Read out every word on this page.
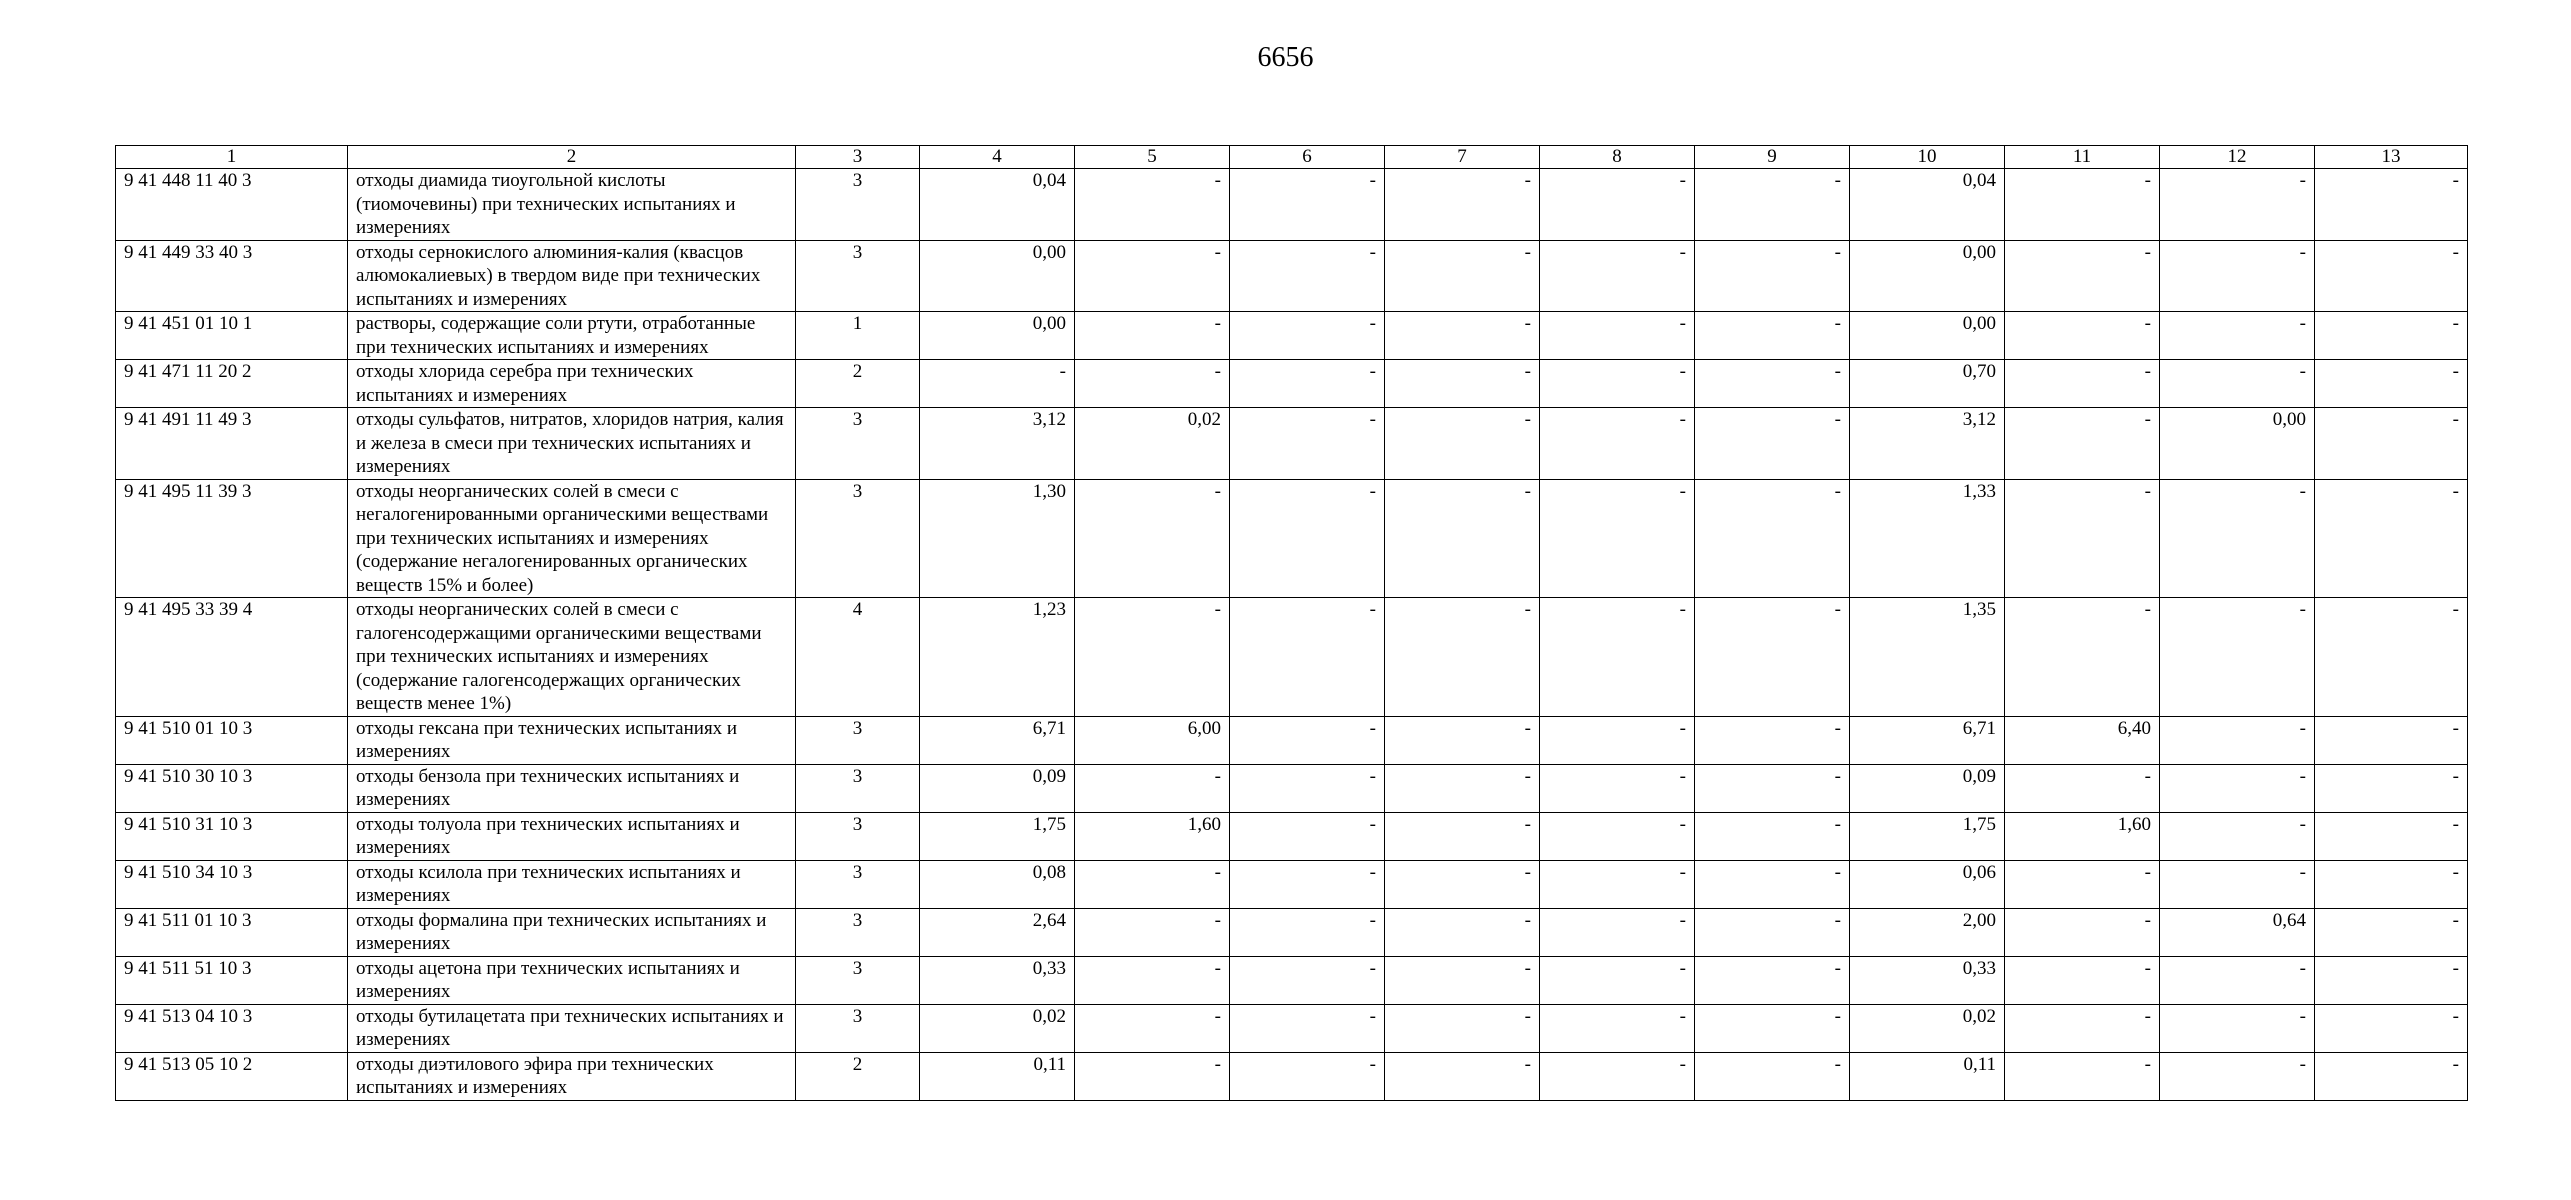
6656
1	2	3	4	5	6	7	8	9	10	11	12	13
9 41 448 11 40 3	отходы диамида тиоугольной кислоты (тиомочевины) при технических испытаниях и измерениях	3	0,04	-	-	-	-	-	0,04	-	-	-
9 41 449 33 40 3	отходы сернокислого алюминия-калия (квасцов алюмокалиевых) в твердом виде при технических испытаниях и измерениях	3	0,00	-	-	-	-	-	0,00	-	-	-
9 41 451 01 10 1	растворы, содержащие соли ртути, отработанные при технических испытаниях и измерениях	1	0,00	-	-	-	-	-	0,00	-	-	-
9 41 471 11 20 2	отходы хлорида серебра при технических испытаниях и измерениях	2	-	-	-	-	-	-	0,70	-	-	-
9 41 491 11 49 3	отходы сульфатов, нитратов, хлоридов натрия, калия и железа в смеси при технических испытаниях и измерениях	3	3,12	0,02	-	-	-	-	3,12	-	0,00	-
9 41 495 11 39 3	отходы неорганических солей в смеси с негалогенированными органическими веществами при технических испытаниях и измерениях (содержание негалогенированных органических веществ 15% и более)	3	1,30	-	-	-	-	-	1,33	-	-	-
9 41 495 33 39 4	отходы неорганических солей в смеси с галогенсодержащими органическими веществами при технических испытаниях и измерениях (содержание галогенсодержащих органических веществ менее 1%)	4	1,23	-	-	-	-	-	1,35	-	-	-
9 41 510 01 10 3	отходы гексана при технических испытаниях и измерениях	3	6,71	6,00	-	-	-	-	6,71	6,40	-	-
9 41 510 30 10 3	отходы бензола при технических испытаниях и измерениях	3	0,09	-	-	-	-	-	0,09	-	-	-
9 41 510 31 10 3	отходы толуола при технических испытаниях и измерениях	3	1,75	1,60	-	-	-	-	1,75	1,60	-	-
9 41 510 34 10 3	отходы ксилола при технических испытаниях и измерениях	3	0,08	-	-	-	-	-	0,06	-	-	-
9 41 511 01 10 3	отходы формалина при технических испытаниях и измерениях	3	2,64	-	-	-	-	-	2,00	-	0,64	-
9 41 511 51 10 3	отходы ацетона при технических испытаниях и измерениях	3	0,33	-	-	-	-	-	0,33	-	-	-
9 41 513 04 10 3	отходы бутилацетата при технических испытаниях и измерениях	3	0,02	-	-	-	-	-	0,02	-	-	-
9 41 513 05 10 2	отходы диэтилового эфира при технических испытаниях и измерениях	2	0,11	-	-	-	-	-	0,11	-	-	-
